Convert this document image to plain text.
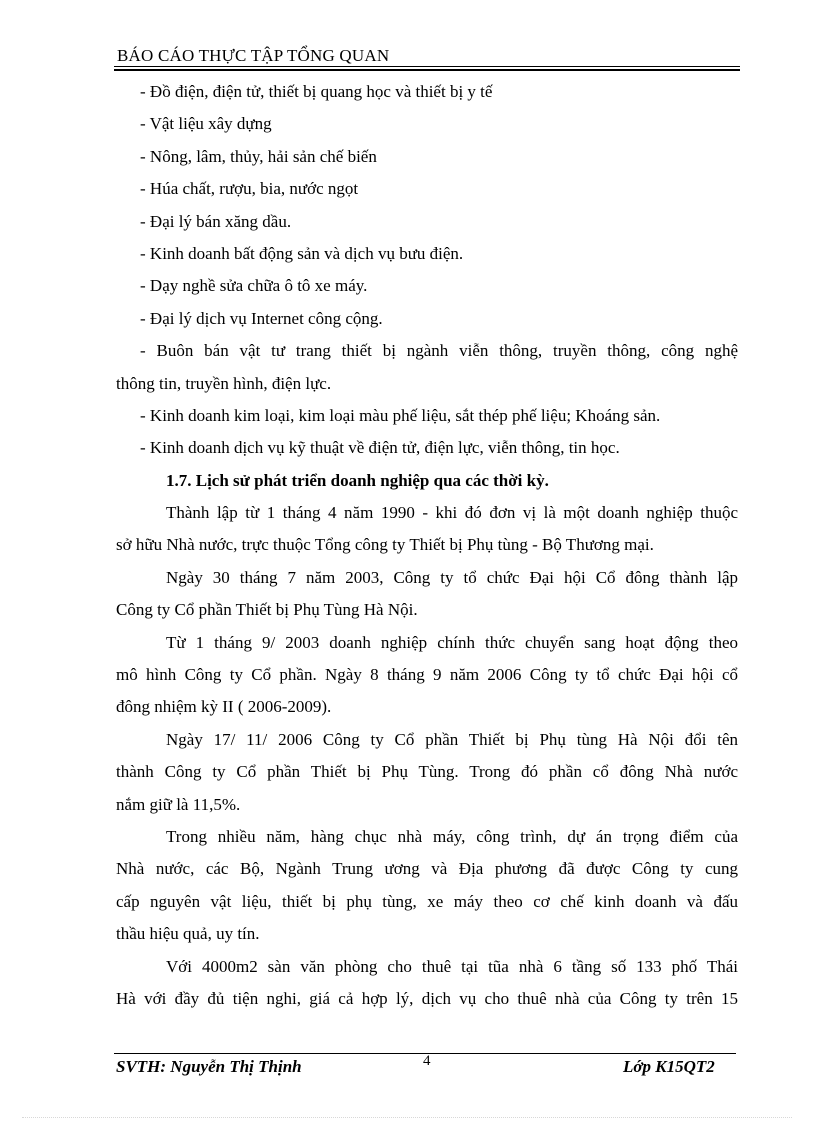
BÁO CÁO THỰC TẬP TỔNG QUAN
- Đồ điện, điện tử, thiết bị quang học và thiết bị y tế
- Vật liệu xây dựng
- Nông, lâm, thủy, hải sản chế biến
- Húa chất, rượu, bia, nước ngọt
- Đại lý bán xăng dầu.
- Kinh doanh bất động sản và dịch vụ bưu điện.
- Dạy nghề sửa chữa ô tô xe máy.
- Đại lý dịch vụ Internet công cộng.
- Buôn bán vật tư trang thiết bị ngành viễn thông, truyền thông, công nghệ
thông tin, truyền hình, điện lực.
- Kinh doanh kim loại, kim loại màu phế liệu, sắt thép phế liệu; Khoáng sản.
- Kinh doanh dịch vụ kỹ thuật về điện tử, điện lực, viễn thông, tin học.
1.7. Lịch sử phát triển doanh nghiệp qua các thời kỳ.
Thành lập từ 1 tháng 4 năm 1990 - khi đó đơn vị là một doanh nghiệp thuộc
sở hữu Nhà nước, trực thuộc Tổng công ty Thiết bị Phụ tùng - Bộ Thương mại.
Ngày 30 tháng 7 năm 2003, Công ty tổ chức Đại hội Cổ đông thành lập
Công ty Cổ phần Thiết bị Phụ Tùng Hà Nội.
Từ 1 tháng 9/ 2003 doanh nghiệp chính thức chuyển sang hoạt động theo
mô hình Công ty Cổ phần. Ngày 8 tháng 9 năm 2006 Công ty tổ chức Đại hội cổ
đông nhiệm kỳ II ( 2006-2009).
Ngày 17/ 11/ 2006 Công ty Cổ phần Thiết bị Phụ tùng Hà Nội đổi tên
thành Công ty Cổ phần Thiết bị Phụ Tùng. Trong đó phần cổ đông Nhà nước
nắm giữ là 11,5%.
Trong nhiều năm, hàng chục nhà máy, công trình, dự án trọng điểm của
Nhà nước, các Bộ, Ngành Trung ương và Địa phương đã được Công ty cung
cấp nguyên vật liệu, thiết bị phụ tùng, xe máy theo cơ chế kinh doanh và đấu
thầu hiệu quả, uy tín.
Với 4000m2 sàn văn phòng cho thuê tại tũa nhà 6 tầng số 133 phố Thái
Hà với đầy đủ tiện nghi, giá cả hợp lý, dịch vụ cho thuê nhà của Công ty trên 15
SVTH: Nguyễn Thị Thịnh	4	Lớp K15QT2
